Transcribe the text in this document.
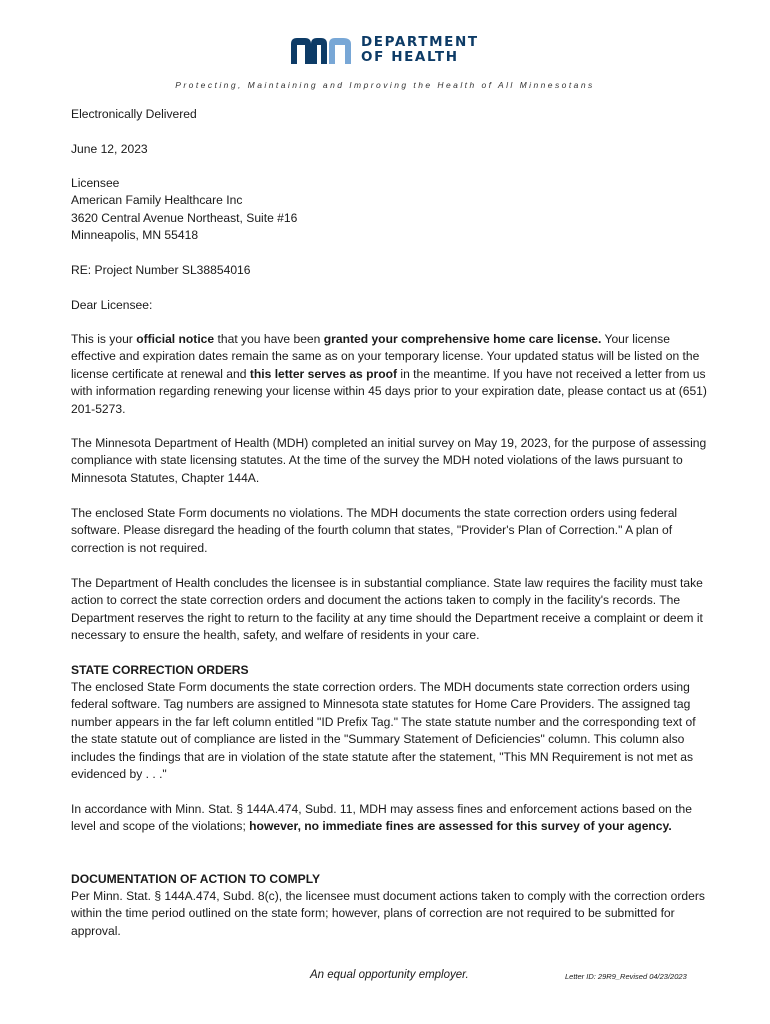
DEPARTMENT
OF HEALTH
Protecting, Maintaining and Improving the Health of All Minnesotans
Electronically Delivered
June 12, 2023
Licensee
American Family Healthcare Inc
3620 Central Avenue Northeast, Suite #16
Minneapolis, MN 55418
RE: Project Number SL38854016
Dear Licensee:
This is your official notice that you have been granted your comprehensive home care license. Your license effective and expiration dates remain the same as on your temporary license. Your updated status will be listed on the license certificate at renewal and this letter serves as proof in the meantime. If you have not received a letter from us with information regarding renewing your license within 45 days prior to your expiration date, please contact us at (651) 201-5273.
The Minnesota Department of Health (MDH) completed an initial survey on May 19, 2023, for the purpose of assessing compliance with state licensing statutes. At the time of the survey the MDH noted violations of the laws pursuant to Minnesota Statutes, Chapter 144A.
The enclosed State Form documents no violations. The MDH documents the state correction orders using federal software. Please disregard the heading of the fourth column that states, "Provider's Plan of Correction." A plan of correction is not required.
The Department of Health concludes the licensee is in substantial compliance. State law requires the facility must take action to correct the state correction orders and document the actions taken to comply in the facility's records. The Department reserves the right to return to the facility at any time should the Department receive a complaint or deem it necessary to ensure the health, safety, and welfare of residents in your care.
STATE CORRECTION ORDERS
The enclosed State Form documents the state correction orders. The MDH documents state correction orders using federal software. Tag numbers are assigned to Minnesota state statutes for Home Care Providers. The assigned tag number appears in the far left column entitled "ID Prefix Tag." The state statute number and the corresponding text of the state statute out of compliance are listed in the "Summary Statement of Deficiencies" column. This column also includes the findings that are in violation of the state statute after the statement, "This MN Requirement is not met as evidenced by . . ."
In accordance with Minn. Stat. § 144A.474, Subd. 11, MDH may assess fines and enforcement actions based on the level and scope of the violations; however, no immediate fines are assessed for this survey of your agency.
DOCUMENTATION OF ACTION TO COMPLY
Per Minn. Stat. § 144A.474, Subd. 8(c), the licensee must document actions taken to comply with the correction orders within the time period outlined on the state form; however, plans of correction are not required to be submitted for approval.
An equal opportunity employer.	Letter ID: 29R9_Revised 04/23/2023
